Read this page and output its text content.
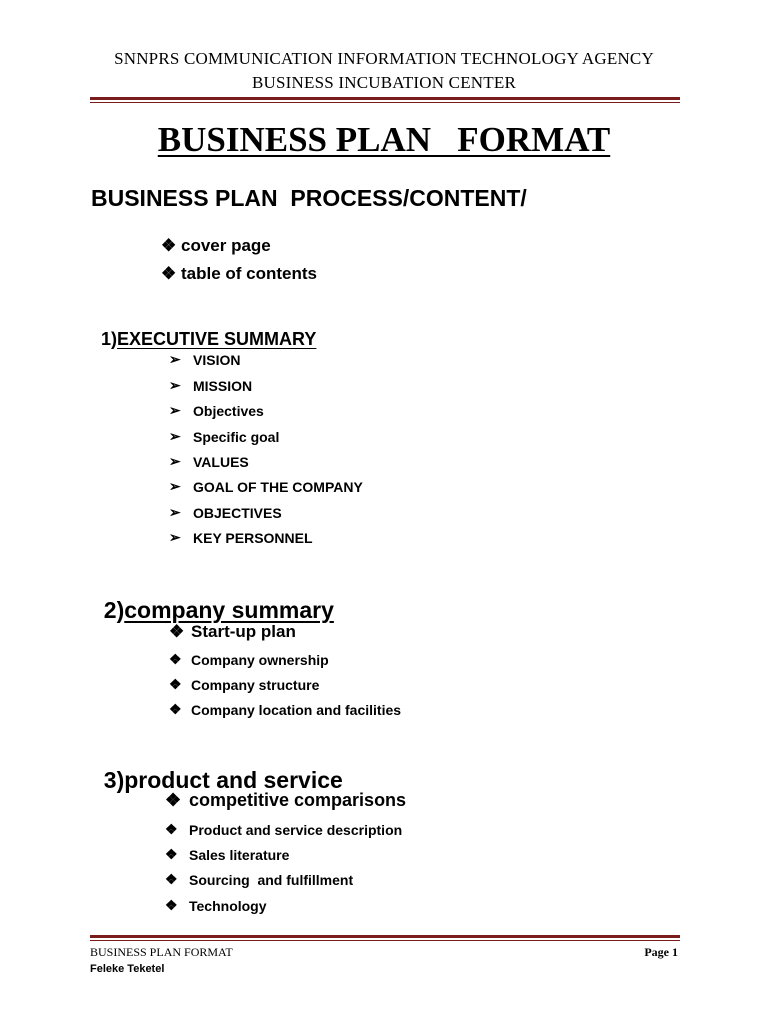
SNNPRS COMMUNICATION INFORMATION TECHNOLOGY AGENCY
BUSINESS INCUBATION CENTER
BUSINESS PLAN   FORMAT
BUSINESS PLAN  PROCESS/CONTENT/
❖ cover page
❖ table of contents

1)EXECUTIVE SUMMARY

➢ VISION
➢ MISSION
➢ Objectives
➢ Specific goal
➢ VALUES
➢ GOAL OF THE COMPANY
➢ OBJECTIVES
➢ KEY PERSONNEL

2)company summary

❖ Start-up plan
❖ Company ownership
❖ Company structure
❖ Company location and facilities

3)product and service

❖ competitive comparisons
❖ Product and service description
❖ Sales literature
❖ Sourcing  and fulfillment
❖ Technology
BUSINESS PLAN FORMAT	Page 1
Feleke Teketel
